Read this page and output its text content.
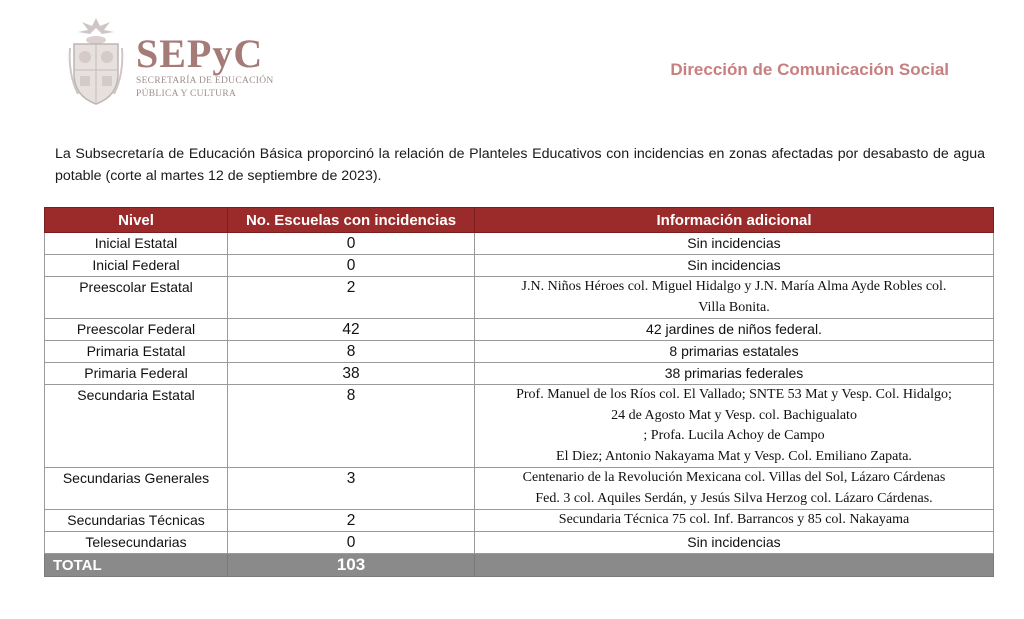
SEPyC
SECRETARÍA DE EDUCACIÓN
PÚBLICA Y CULTURA
Dirección de Comunicación Social
La Subsecretaría de Educación Básica proporcinó la relación de Planteles Educativos con incidencias en zonas afectadas por desabasto de agua potable (corte al martes 12 de septiembre de 2023).
Nivel	No. Escuelas con incidencias	Información adicional
Inicial Estatal	0	Sin incidencias

Inicial Federal	0	Sin incidencias

Preescolar Estatal	2	J.N. Niños Héroes col. Miguel Hidalgo y J.N. María Alma Ayde Robles col.
Villa Bonita.

Preescolar Federal	42	42 jardines de niños federal.

Primaria Estatal	8	8 primarias estatales

Primaria Federal	38	38 primarias federales

Secundaria Estatal	8	Prof. Manuel de los Ríos col. El Vallado; SNTE 53 Mat y Vesp. Col. Hidalgo;
24 de Agosto Mat y Vesp. col. Bachigualato
; Profa. Lucila Achoy de Campo
El Diez; Antonio Nakayama Mat y Vesp. Col. Emiliano Zapata.

Secundarias Generales	3	Centenario de la Revolución Mexicana col. Villas del Sol, Lázaro Cárdenas
Fed. 3 col. Aquiles Serdán, y Jesús Silva Herzog col. Lázaro Cárdenas.

Secundarias Técnicas	2	Secundaria Técnica 75 col. Inf. Barrancos y 85 col. Nakayama

Telesecundarias	0	Sin incidencias

TOTAL	103	
